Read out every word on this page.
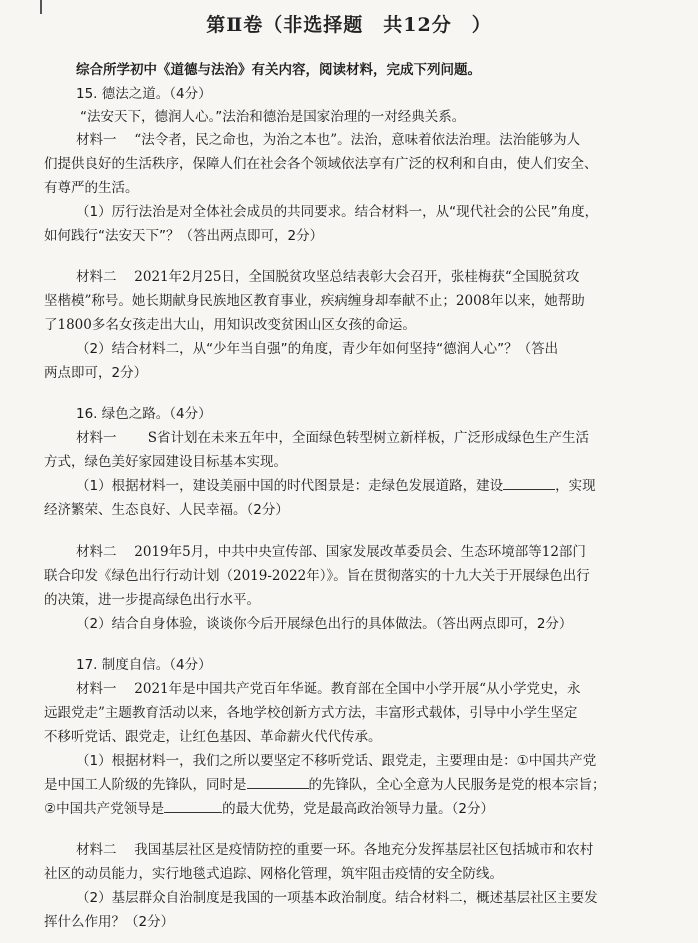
第Ⅱ卷（非选择题　共12分　）
综合所学初中《道德与法治》有关内容，阅读材料，完成下列问题。
15. 德法之道。（4分）
“法安天下，德润人心。”法治和德治是国家治理的一对经典关系。
材料一　 “法令者，民之命也，为治之本也”。法治，意味着依法治理。法治能够为人
们提供良好的生活秩序，保障人们在社会各个领域依法享有广泛的权利和自由，使人们安全、
有尊严的生活。
（1）厉行法治是对全体社会成员的共同要求。结合材料一，从“现代社会的公民”角度，
如何践行“法安天下”？（答出两点即可，2分）
材料二　 2021年2月25日，全国脱贫攻坚总结表彰大会召开，张桂梅获“全国脱贫攻
坚楷模”称号。她长期献身民族地区教育事业，疾病缠身却奉献不止；2008年以来，她帮助
了1800多名女孩走出大山，用知识改变贫困山区女孩的命运。
（2）结合材料二，从“少年当自强”的角度，青少年如何坚持“德润人心”？（答出
两点即可，2分）
16. 绿色之路。（4分）
材料一　 　S省计划在未来五年中，全面绿色转型树立新样板，广泛形成绿色生产生活
方式，绿色美好家园建设目标基本实现。
（1）根据材料一，建设美丽中国的时代图景是：走绿色发展道路，建设	，实现
经济繁荣、生态良好、人民幸福。（2分）
材料二　 2019年5月，中共中央宣传部、国家发展改革委员会、生态环境部等12部门
联合印发《绿色出行行动计划（2019-2022年）》。旨在贯彻落实的十九大关于开展绿色出行
的决策，进一步提高绿色出行水平。
（2）结合自身体验，谈谈你今后开展绿色出行的具体做法。（答出两点即可，2分）
17. 制度自信。（4分）
材料一　 2021年是中国共产党百年华诞。教育部在全国中小学开展“从小学党史，永
远跟党走”主题教育活动以来，各地学校创新方式方法，丰富形式载体，引导中小学生坚定
不移听党话、跟党走，让红色基因、革命薪火代代传承。
（1）根据材料一，我们之所以要坚定不移听党话、跟党走，主要理由是：①中国共产党
是中国工人阶级的先锋队，同时是	的先锋队，全心全意为人民服务是党的根本宗旨；
②中国共产党领导是	的最大优势，党是最高政治领导力量。（2分）
材料二　 我国基层社区是疫情防控的重要一环。各地充分发挥基层社区包括城市和农村
社区的动员能力，实行地毯式追踪、网格化管理，筑牢阻击疫情的安全防线。
（2）基层群众自治制度是我国的一项基本政治制度。结合材料二，概述基层社区主要发
挥什么作用？（2分）
